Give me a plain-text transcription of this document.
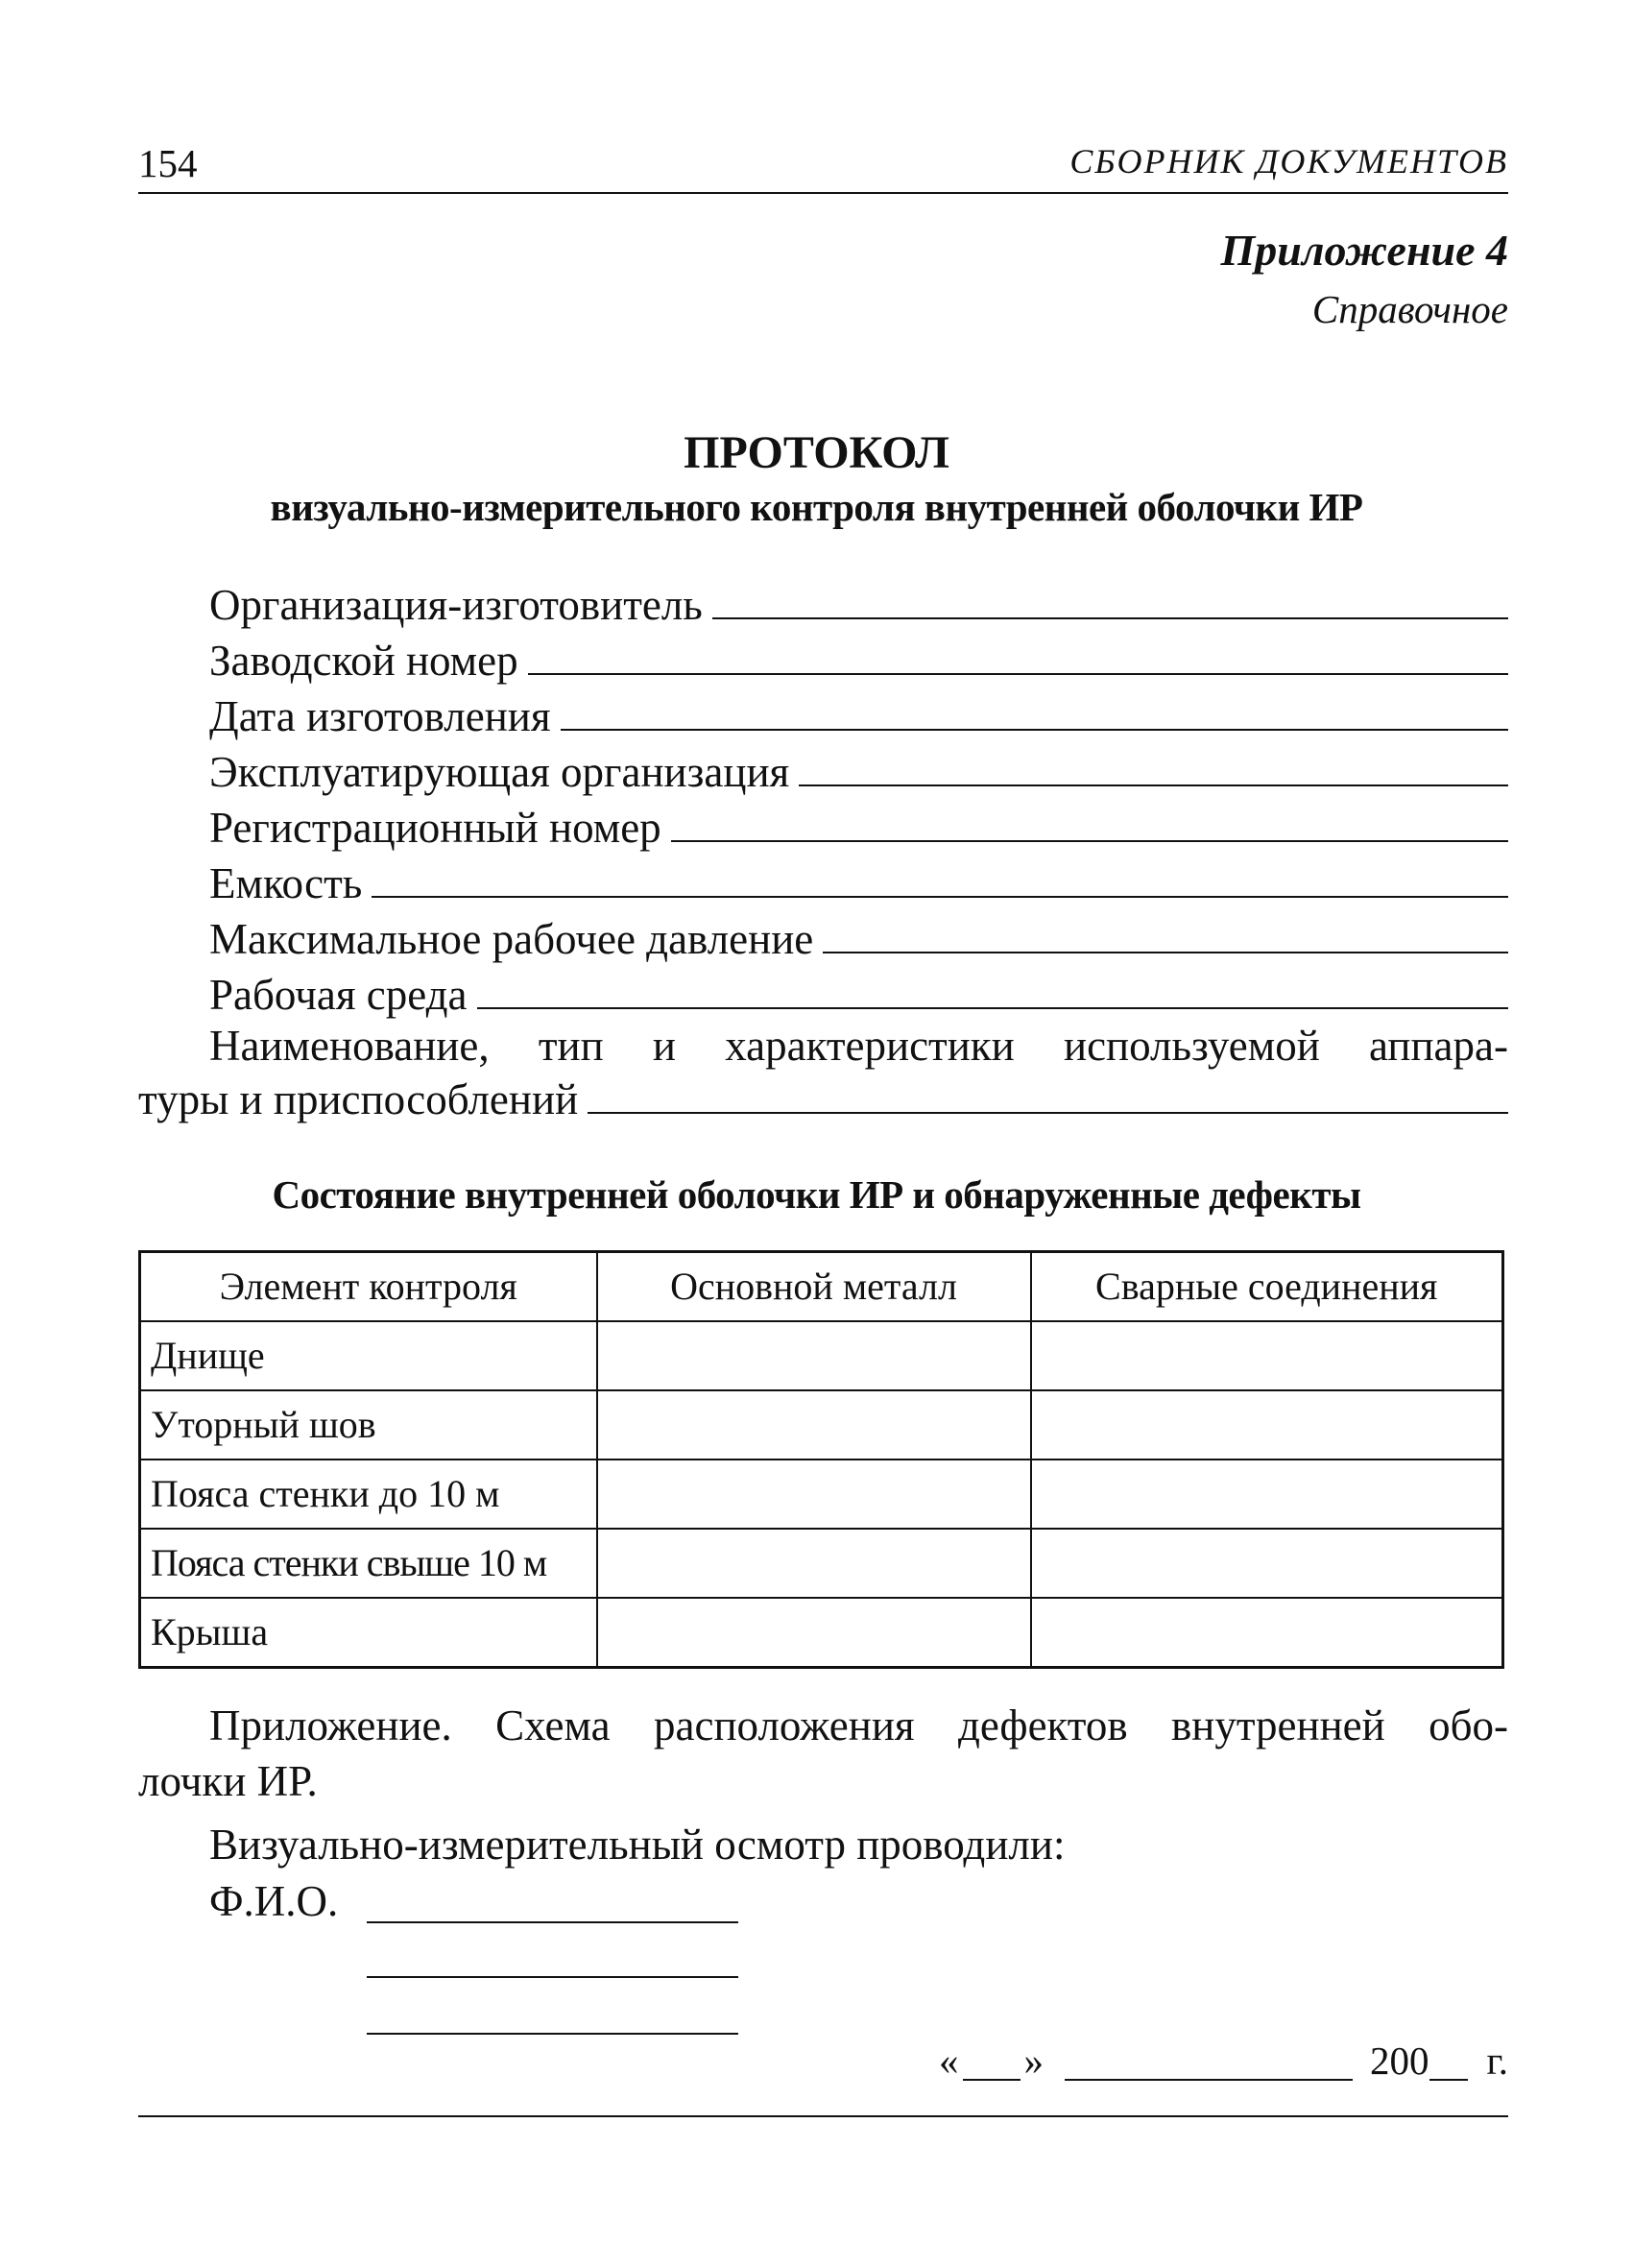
154	СБОРНИК ДОКУМЕНТОВ
Приложение 4
Справочное
ПРОТОКОЛ
визуально-измерительного контроля внутренней оболочки ИР
Организация-изготовитель
Заводской номер
Дата изготовления
Эксплуатирующая организация
Регистрационный номер
Емкость
Максимальное рабочее давление
Рабочая среда
Наименование, тип и характеристики используемой аппара-
туры и приспособлений
Состояние внутренней оболочки ИР и обнаруженные дефекты
Элемент контроля	Основной металл	Сварные соединения
Днище		
Уторный шов		
Пояса стенки до 10 м		
Пояса стенки свыше 10 м		
Крыша		
Приложение. Схема расположения дефектов внутренней обо-
лочки ИР.
Визуально-измерительный осмотр проводили:
Ф.И.О.
« »	200 г.
